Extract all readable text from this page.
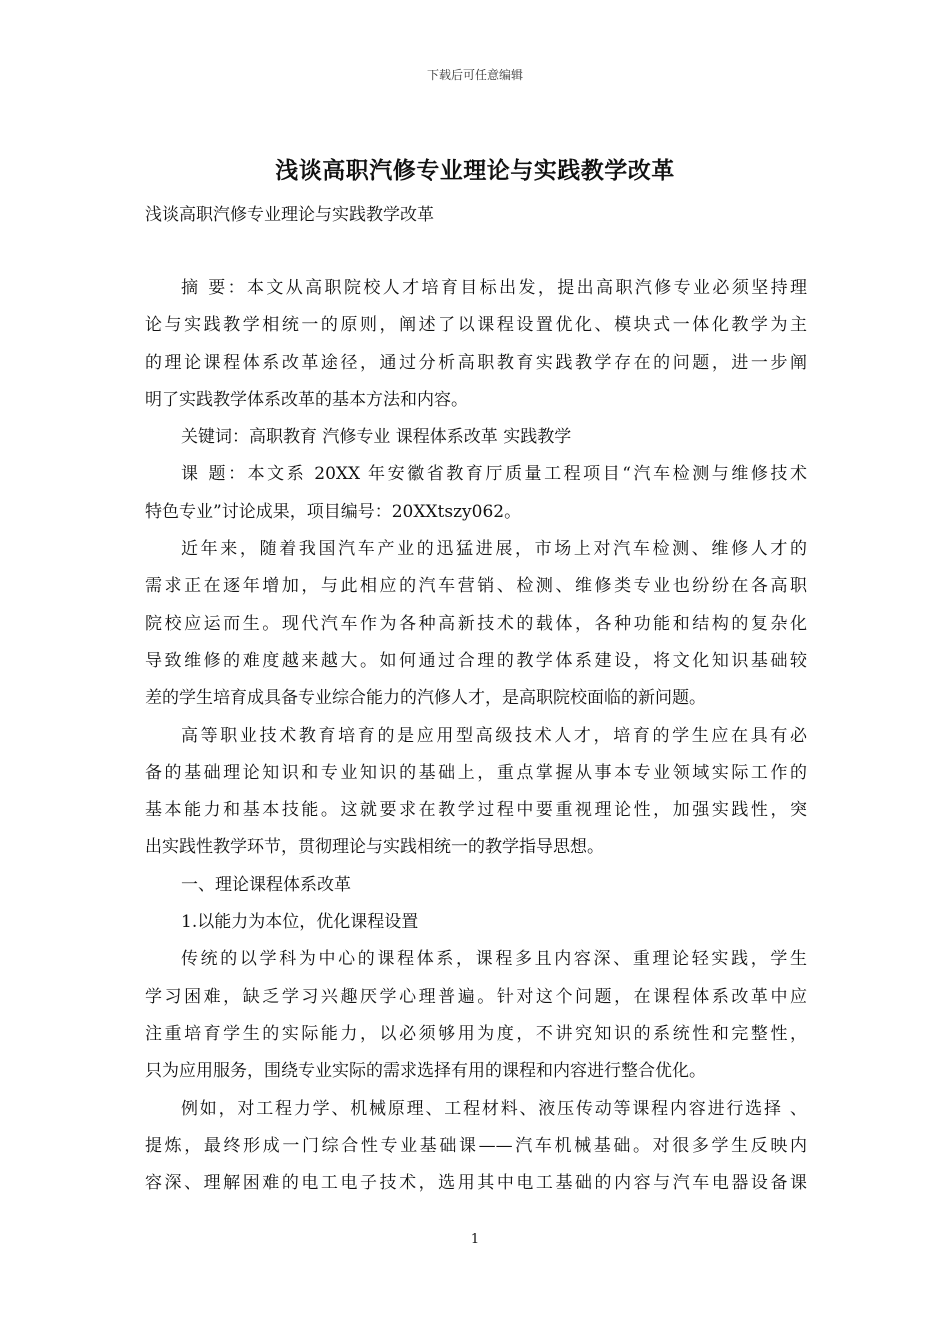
下载后可任意编辑
浅谈高职汽修专业理论与实践教学改革
浅谈高职汽修专业理论与实践教学改革
摘 要：本文从高职院校人才培育目标出发，提出高职汽修专业必须坚持理
论与实践教学相统一的原则，阐述了以课程设置优化、模块式一体化教学为主
的理论课程体系改革途径，通过分析高职教育实践教学存在的问题，进一步阐
明了实践教学体系改革的基本方法和内容。
关键词：高职教育 汽修专业 课程体系改革 实践教学
课 题：本文系 20XX 年安徽省教育厅质量工程项目“汽车检测与维修技术
特色专业”讨论成果，项目编号：20XXtszy062。
近年来，随着我国汽车产业的迅猛进展，市场上对汽车检测、维修人才的
需求正在逐年增加，与此相应的汽车营销、检测、维修类专业也纷纷在各高职
院校应运而生。现代汽车作为各种高新技术的载体，各种功能和结构的复杂化
导致维修的难度越来越大。如何通过合理的教学体系建设，将文化知识基础较
差的学生培育成具备专业综合能力的汽修人才，是高职院校面临的新问题。
高等职业技术教育培育的是应用型高级技术人才，培育的学生应在具有必
备的基础理论知识和专业知识的基础上，重点掌握从事本专业领域实际工作的
基本能力和基本技能。这就要求在教学过程中要重视理论性，加强实践性，突
出实践性教学环节，贯彻理论与实践相统一的教学指导思想。
一、理论课程体系改革
1.以能力为本位，优化课程设置
传统的以学科为中心的课程体系，课程多且内容深、重理论轻实践，学生
学习困难，缺乏学习兴趣厌学心理普遍。针对这个问题，在课程体系改革中应
注重培育学生的实际能力，以必须够用为度，不讲究知识的系统性和完整性，
只为应用服务，围绕专业实际的需求选择有用的课程和内容进行整合优化。
例如，对工程力学、机械原理、工程材料、液压传动等课程内容进行选择 、
提炼，最终形成一门综合性专业基础课——汽车机械基础。对很多学生反映内
容深、理解困难的电工电子技术，选用其中电工基础的内容与汽车电器设备课
1
